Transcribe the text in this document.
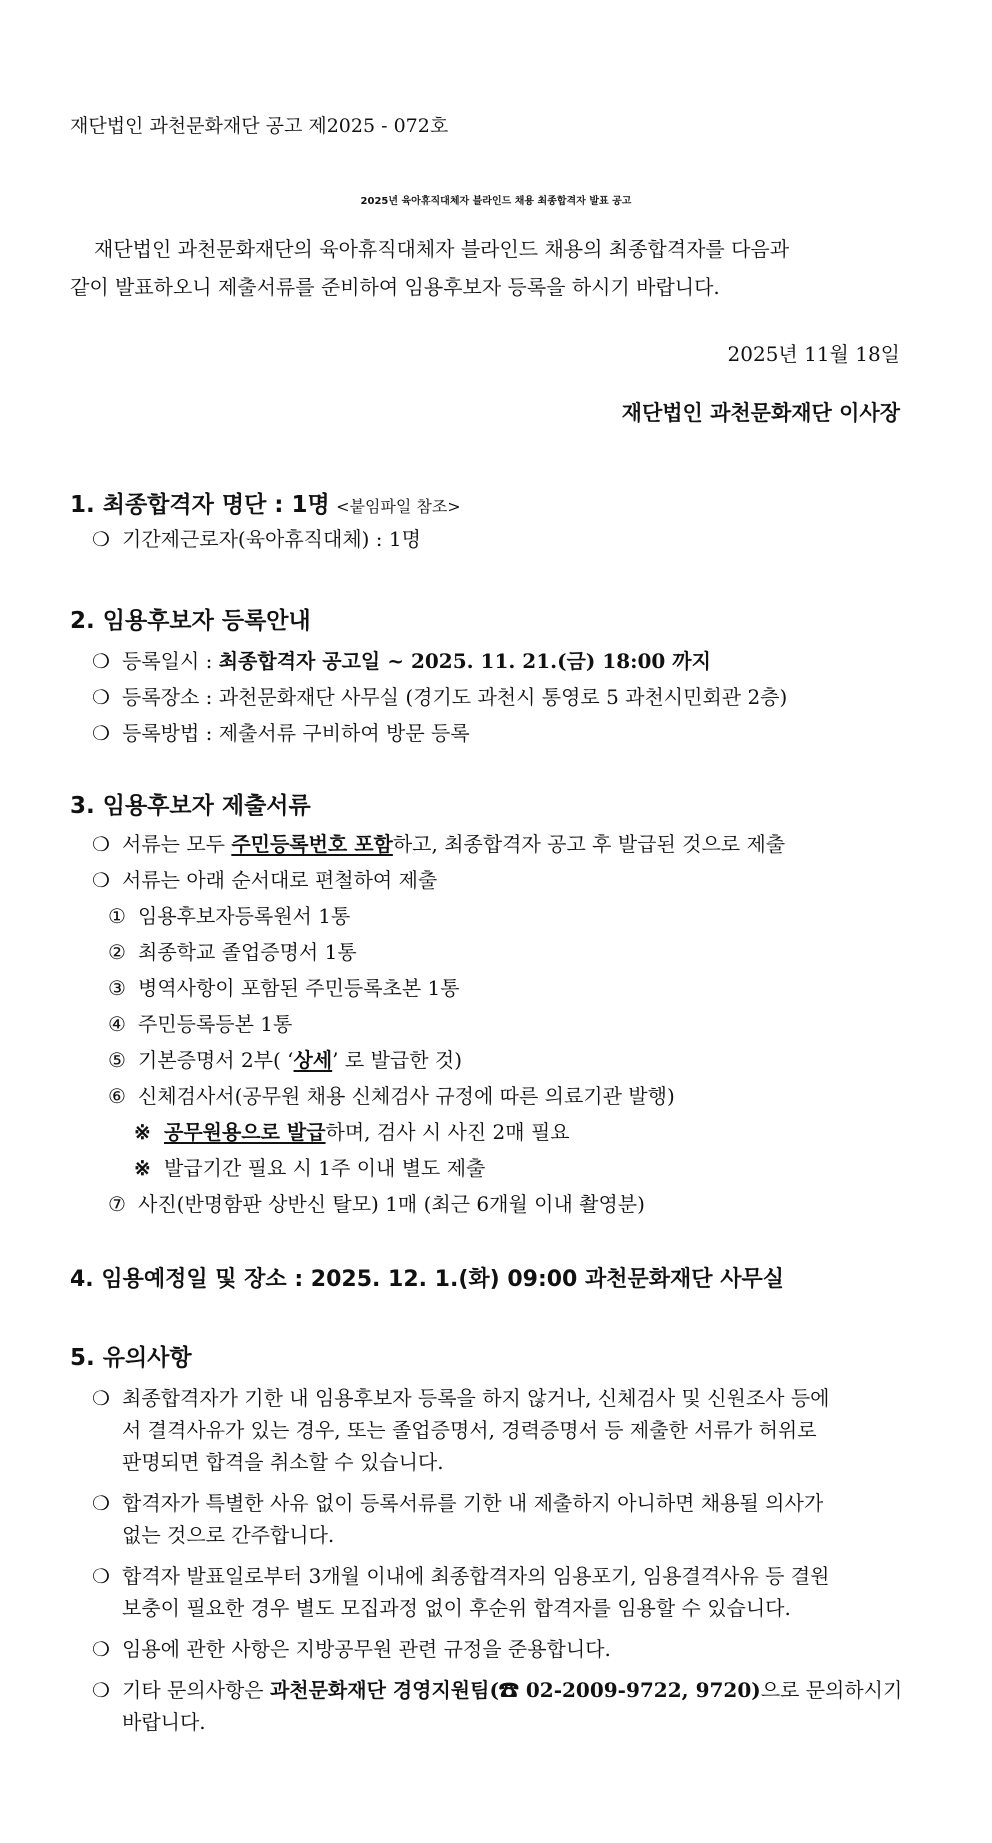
재단법인 과천문화재단 공고 제2025 - 072호
2025년 육아휴직대체자 블라인드 채용 최종합격자 발표 공고
재단법인 과천문화재단의 육아휴직대체자 블라인드 채용의 최종합격자를 다음과
같이 발표하오니 제출서류를 준비하여 임용후보자 등록을 하시기 바랍니다.
2025년 11월 18일
재단법인 과천문화재단 이사장
1. 최종합격자 명단 : 1명 <붙임파일 참조>
❍ 기간제근로자(육아휴직대체) : 1명
2. 임용후보자 등록안내
❍ 등록일시 : 최종합격자 공고일 ~ 2025. 11. 21.(금) 18:00 까지
❍ 등록장소 : 과천문화재단 사무실 (경기도 과천시 통영로 5 과천시민회관 2층)
❍ 등록방법 : 제출서류 구비하여 방문 등록
3. 임용후보자 제출서류
❍ 서류는 모두 주민등록번호 포함하고, 최종합격자 공고 후 발급된 것으로 제출
❍ 서류는 아래 순서대로 편철하여 제출
① 임용후보자등록원서 1통
② 최종학교 졸업증명서 1통
③ 병역사항이 포함된 주민등록초본 1통
④ 주민등록등본 1통
⑤ 기본증명서 2부( ‘상세’ 로 발급한 것)
⑥ 신체검사서(공무원 채용 신체검사 규정에 따른 의료기관 발행)
※ 공무원용으로 발급하며, 검사 시 사진 2매 필요
※ 발급기간 필요 시 1주 이내 별도 제출
⑦ 사진(반명함판 상반신 탈모) 1매 (최근 6개월 이내 촬영분)
4. 임용예정일 및 장소 : 2025. 12. 1.(화) 09:00 과천문화재단 사무실
5. 유의사항
❍ 최종합격자가 기한 내 임용후보자 등록을 하지 않거나, 신체검사 및 신원조사 등에
서 결격사유가 있는 경우, 또는 졸업증명서, 경력증명서 등 제출한 서류가 허위로
판명되면 합격을 취소할 수 있습니다.
❍ 합격자가 특별한 사유 없이 등록서류를 기한 내 제출하지 아니하면 채용될 의사가
없는 것으로 간주합니다.
❍ 합격자 발표일로부터 3개월 이내에 최종합격자의 임용포기, 임용결격사유 등 결원
보충이 필요한 경우 별도 모집과정 없이 후순위 합격자를 임용할 수 있습니다.
❍ 임용에 관한 사항은 지방공무원 관련 규정을 준용합니다.
❍ 기타 문의사항은 과천문화재단 경영지원팀(☎ 02-2009-9722, 9720)으로 문의하시기
바랍니다.
